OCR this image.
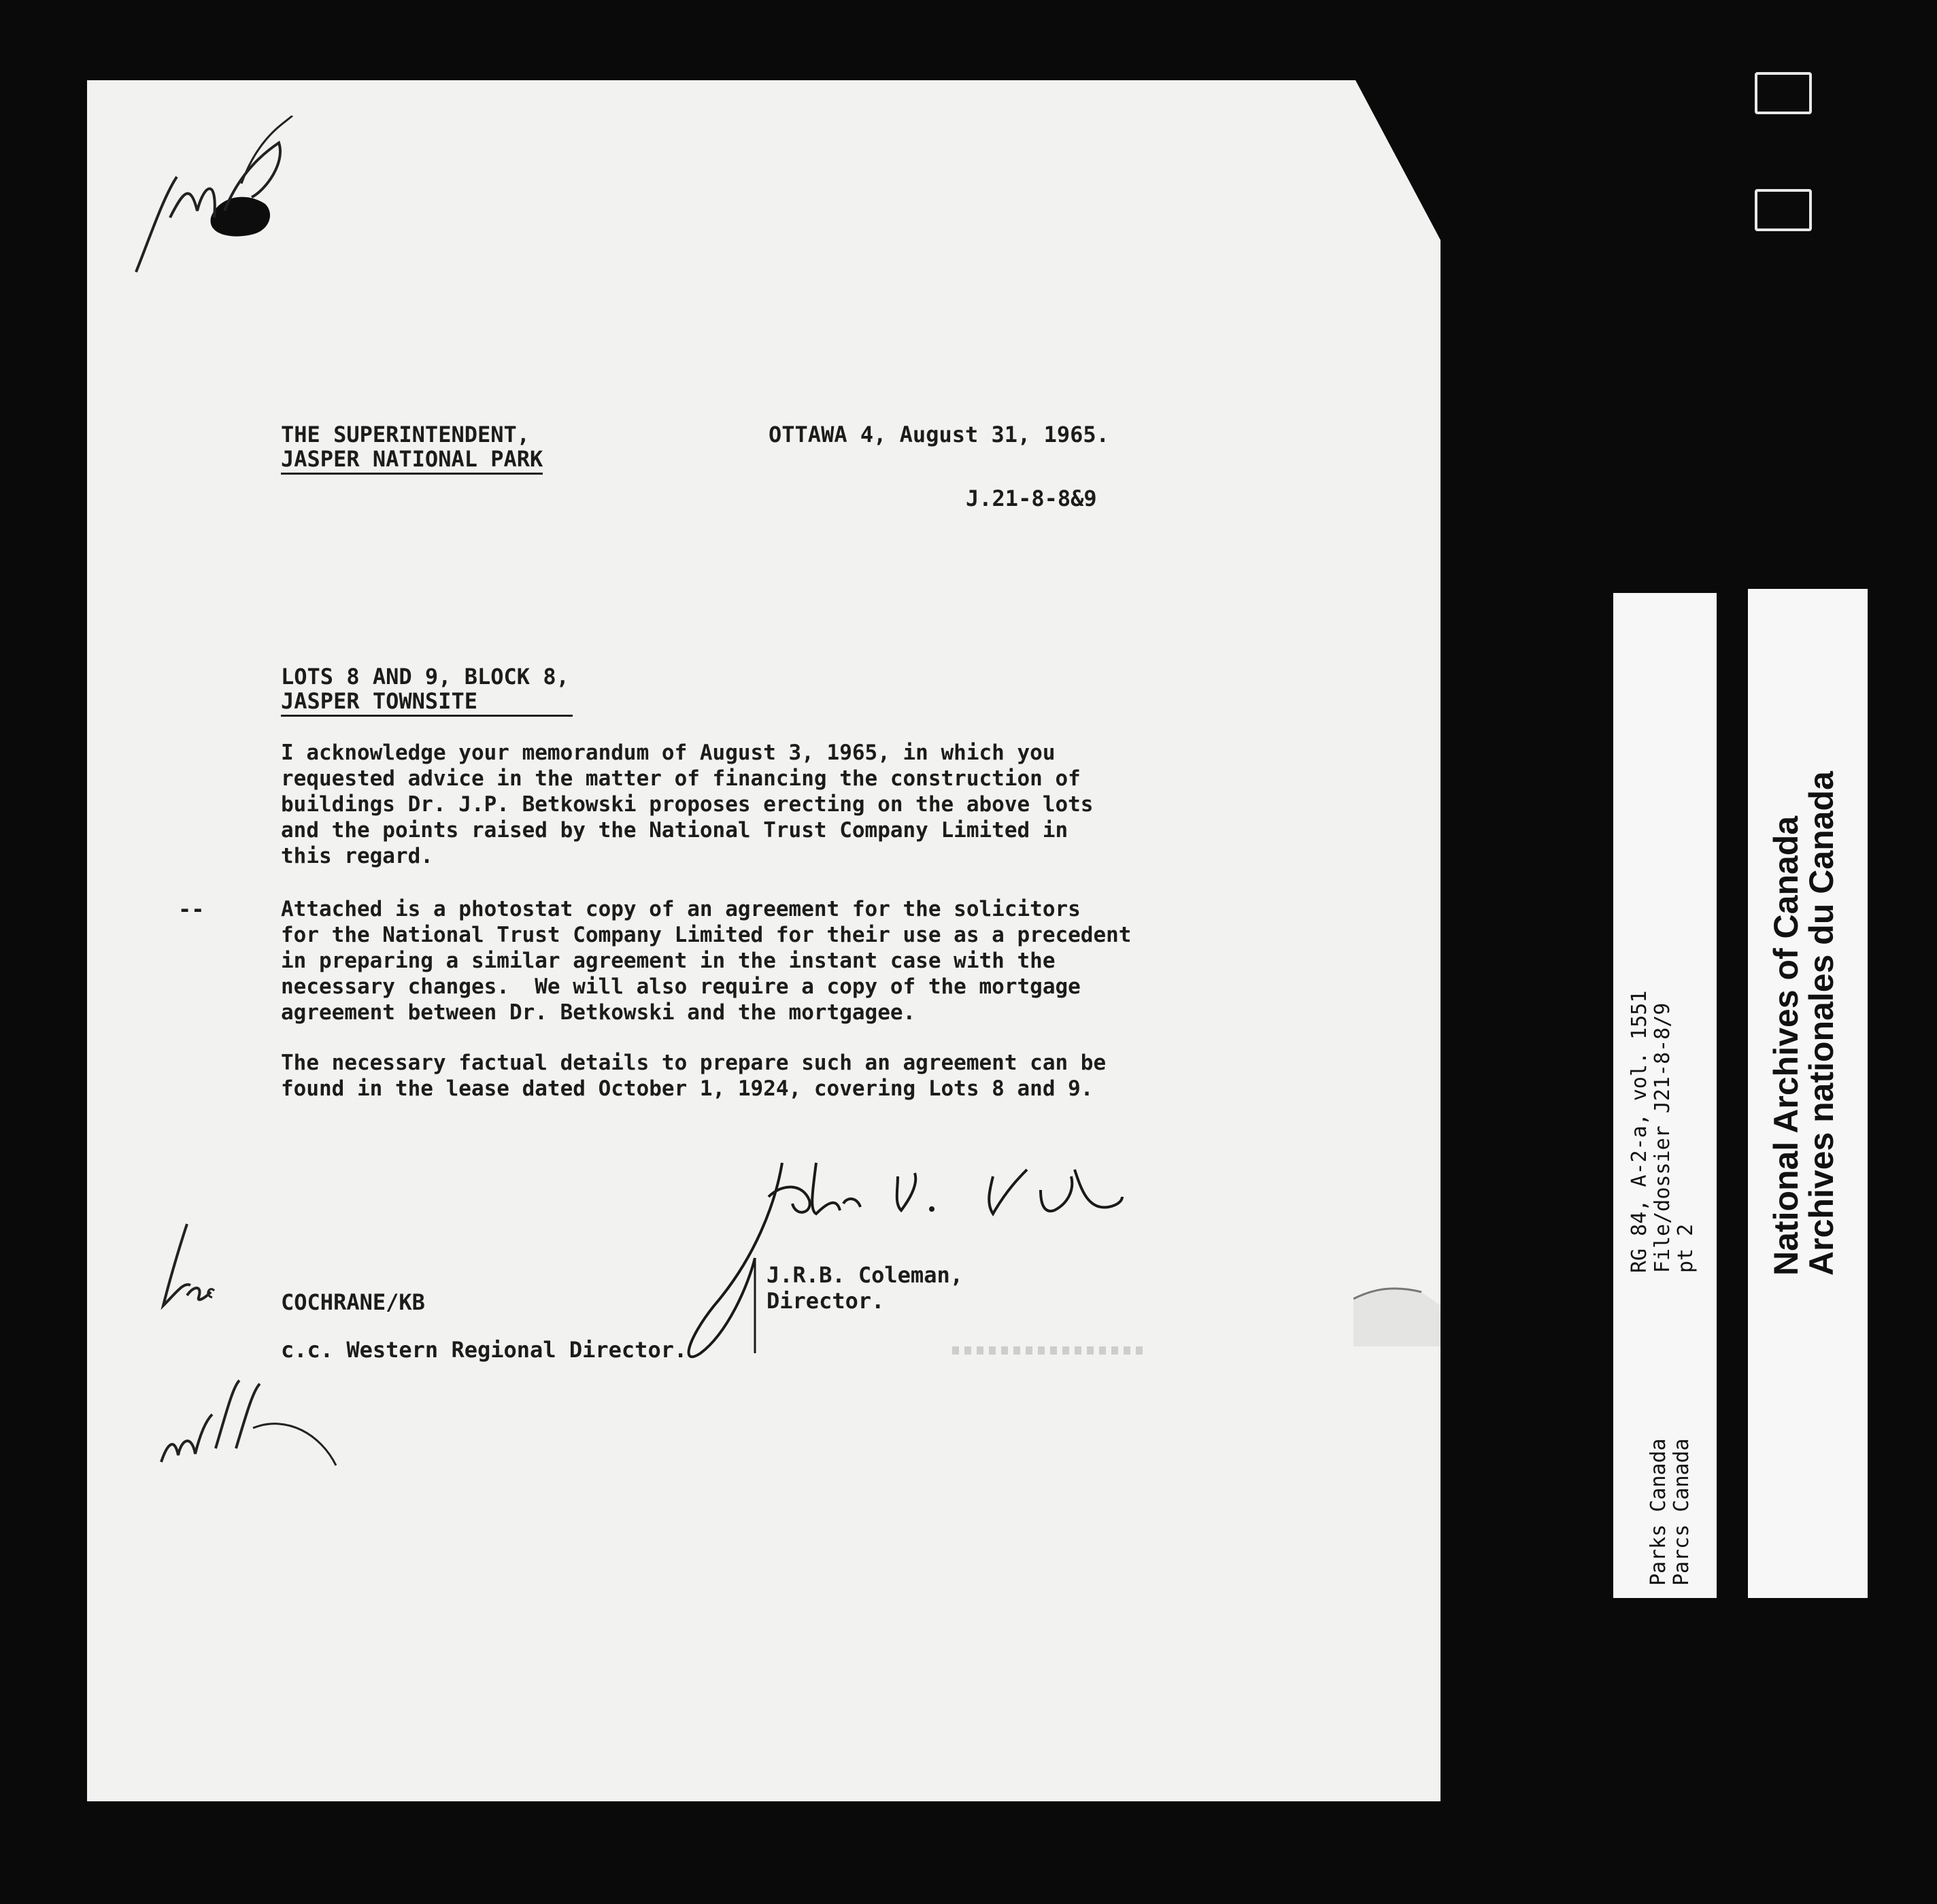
THE SUPERINTENDENT,
JASPER NATIONAL PARK
OTTAWA 4, August 31, 1965.
J.21-8-8&9
LOTS 8 AND 9, BLOCK 8,
JASPER TOWNSITE
I acknowledge your memorandum of August 3, 1965, in which you
requested advice in the matter of financing the construction of
buildings Dr. J.P. Betkowski proposes erecting on the above lots
and the points raised by the National Trust Company Limited in
this regard.
--	Attached is a photostat copy of an agreement for the solicitors
for the National Trust Company Limited for their use as a precedent
in preparing a similar agreement in the instant case with the
necessary changes.  We will also require a copy of the mortgage
agreement between Dr. Betkowski and the mortgagee.
The necessary factual details to prepare such an agreement can be
found in the lease dated October 1, 1924, covering Lots 8 and 9.
J.R.B. Coleman,
Director.
COCHRANE/KB
c.c. Western Regional Director.
RG 84, A-2-a, vol. 1551 File/dossier J21-8-8/9 pt 2
Parks Canada Parcs Canada
National Archives of Canada
Archives nationales du Canada
